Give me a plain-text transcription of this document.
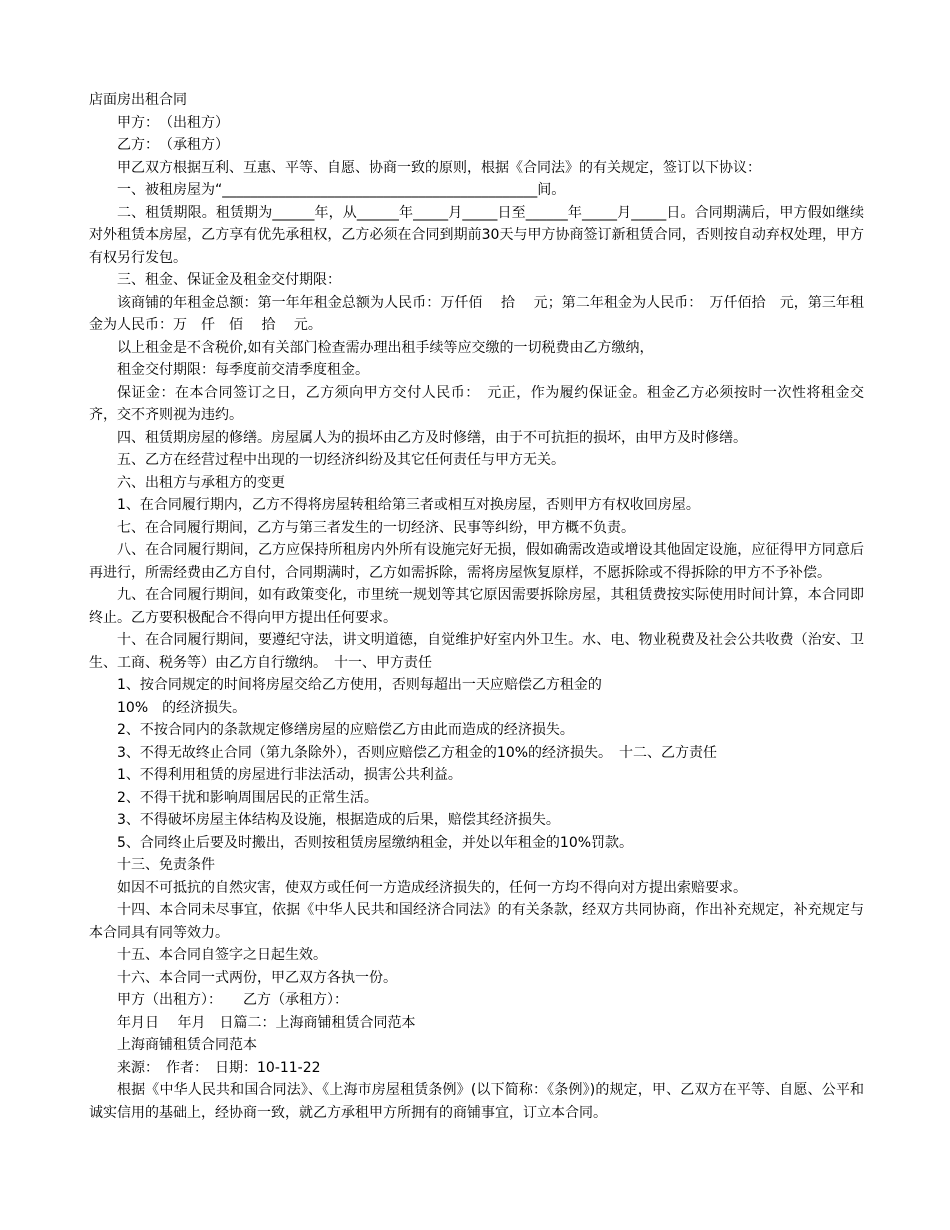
店面房出租合同

甲方：　（出租方）

乙方：　（承租方）

甲乙双方根据互利、互惠、平等、自愿、协商一致的原则，根据《合同法》的有关规定，签订以下协议：

一、被租房屋为“_____________________________________________间。

二、租赁期限。租赁期为______年，从______年_____月_____日至______年_____月_____日。合同期满后，甲方假如继续对外租赁本房屋，乙方享有优先承租权，乙方必须在合同到期前30天与甲方协商签订新租赁合同，否则按自动弃权处理，甲方有权另行发包。

三、租金、保证金及租金交付期限：

该商铺的年租金总额：第一年年租金总额为人民币：万仟佰　 拾　 元；第二年租金为人民币：　万仟佰拾　元，第三年租金为人民币：万　仟　佰　 拾　 元。

以上租金是不含税价,如有关部门检查需办理出租手续等应交缴的一切税费由乙方缴纳，

租金交付期限：每季度前交清季度租金。

保证金：在本合同签订之日，乙方须向甲方交付人民币：　元正，作为履约保证金。租金乙方必须按时一次性将租金交齐，交不齐则视为违约。

四、租赁期房屋的修缮。房屋属人为的损坏由乙方及时修缮，由于不可抗拒的损坏，由甲方及时修缮。

五、乙方在经营过程中出现的一切经济纠纷及其它任何责任与甲方无关。

六、出租方与承租方的变更

1、在合同履行期内，乙方不得将房屋转租给第三者或相互对换房屋，否则甲方有权收回房屋。

七、在合同履行期间，乙方与第三者发生的一切经济、民事等纠纷，甲方概不负责。

八、在合同履行期间，乙方应保持所租房内外所有设施完好无损，假如确需改造或增设其他固定设施，应征得甲方同意后再进行，所需经费由乙方自付，合同期满时，乙方如需拆除，需将房屋恢复原样，不愿拆除或不得拆除的甲方不予补偿。

九、在合同履行期间，如有政策变化，市里统一规划等其它原因需要拆除房屋，其租赁费按实际使用时间计算，本合同即终止。乙方要积极配合不得向甲方提出任何要求。

十、在合同履行期间，要遵纪守法，讲文明道德，自觉维护好室内外卫生。水、电、物业税费及社会公共收费（治安、卫生、工商、税务等）由乙方自行缴纳。　十一、甲方责任

1、按合同规定的时间将房屋交给乙方使用，否则每超出一天应赔偿乙方租金的

10%　的经济损失。

2、不按合同内的条款规定修缮房屋的应赔偿乙方由此而造成的经济损失。

3、不得无故终止合同（第九条除外），否则应赔偿乙方租金的10%的经济损失。　十二、乙方责任

1、不得利用租赁的房屋进行非法活动，损害公共利益。

2、不得干扰和影响周围居民的正常生活。

3、不得破坏房屋主体结构及设施，根据造成的后果，赔偿其经济损失。

5、合同终止后要及时搬出，否则按租赁房屋缴纳租金，并处以年租金的10%罚款。

十三、免责条件

如因不可抵抗的自然灾害，使双方或任何一方造成经济损失的，任何一方均不得向对方提出索赔要求。

十四、本合同未尽事宜，依据《中华人民共和国经济合同法》的有关条款，经双方共同协商，作出补充规定，补充规定与本合同具有同等效力。

十五、本合同自签字之日起生效。

十六、本合同一式两份，甲乙双方各执一份。

甲方（出租方）：　　乙方（承租方）：

年月日　 年月　日篇二：上海商铺租赁合同范本

上海商铺租赁合同范本

来源：　作者：　日期：10-11-22

根据《中华人民共和国合同法》、《上海市房屋租赁条例》(以下简称：《条例》)的规定，甲、乙双方在平等、自愿、公平和诚实信用的基础上，经协商一致，就乙方承租甲方所拥有的商铺事宜，订立本合同。
